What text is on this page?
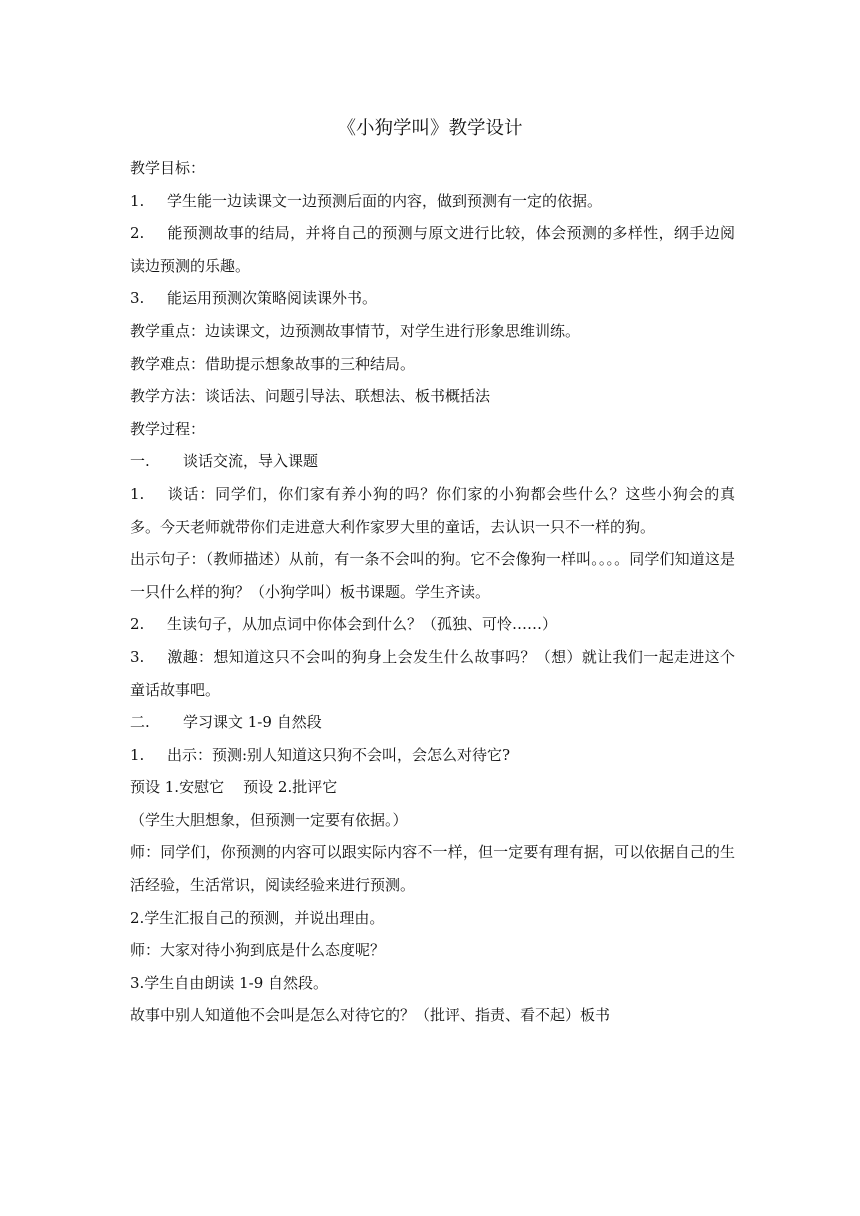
《小狗学叫》教学设计

教学目标：

1. 学生能一边读课文一边预测后面的内容，做到预测有一定的依据。

2. 能预测故事的结局，并将自己的预测与原文进行比较，体会预测的多样性，纲手边阅读边预测的乐趣。

3. 能运用预测次策略阅读课外书。

教学重点：边读课文，边预测故事情节，对学生进行形象思维训练。

教学难点：借助提示想象故事的三种结局。

教学方法：谈话法、问题引导法、联想法、板书概括法

教学过程：

一. 谈话交流，导入课题

1. 谈话：同学们，你们家有养小狗的吗？你们家的小狗都会些什么？这些小狗会的真多。今天老师就带你们走进意大利作家罗大里的童话，去认识一只不一样的狗。

出示句子：（教师描述）从前，有一条不会叫的狗。它不会像狗一样叫。。。。同学们知道这是一只什么样的狗？（小狗学叫）板书课题。学生齐读。

2. 生读句子，从加点词中你体会到什么？（孤独、可怜……）

3. 激趣：想知道这只不会叫的狗身上会发生什么故事吗？（想）就让我们一起走进这个童话故事吧。

二. 学习课文 1-9 自然段

1. 出示：预测:别人知道这只狗不会叫，会怎么对待它?

预设 1.安慰它    预设 2.批评它

（学生大胆想象，但预测一定要有依据。）

师：同学们，你预测的内容可以跟实际内容不一样，但一定要有理有据，可以依据自己的生活经验，生活常识，阅读经验来进行预测。

2.学生汇报自己的预测，并说出理由。

师：大家对待小狗到底是什么态度呢？

3.学生自由朗读 1-9 自然段。

故事中别人知道他不会叫是怎么对待它的？（批评、指责、看不起）板书
